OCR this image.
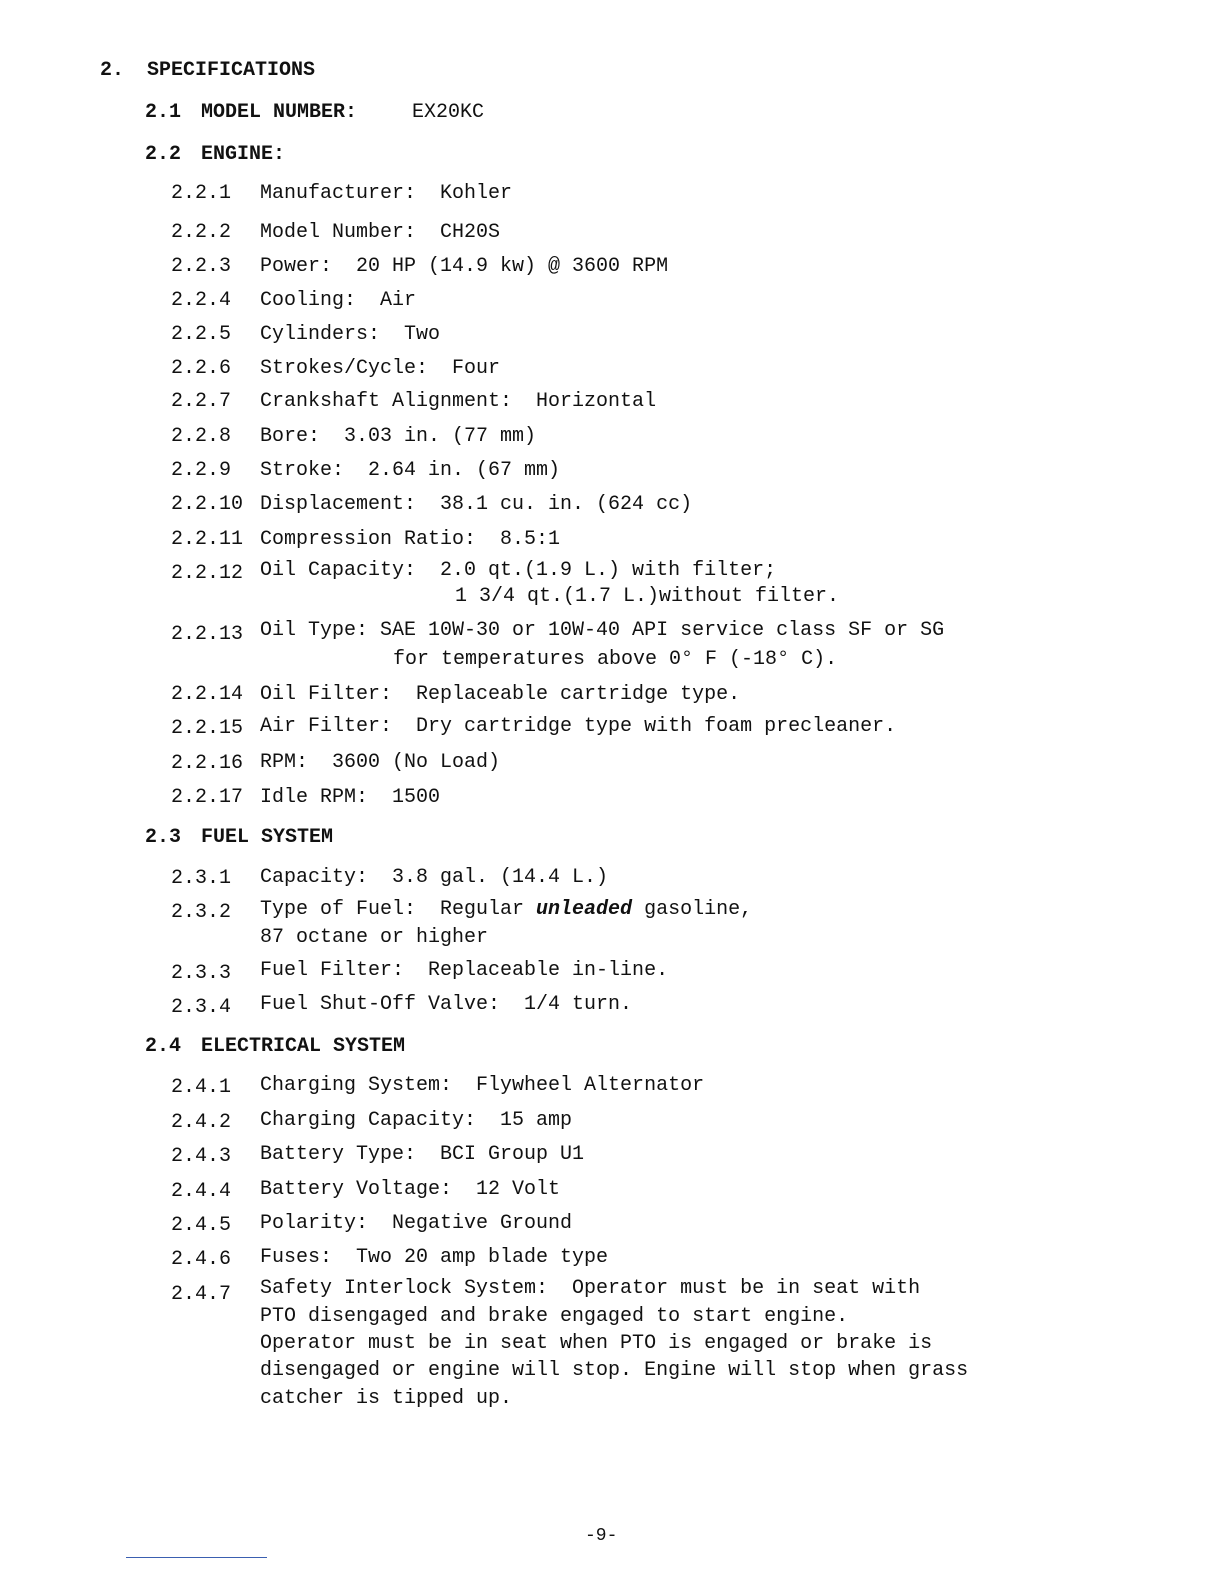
2. SPECIFICATIONS
2.1 MODEL NUMBER:	EX20KC
2.2 ENGINE:
2.2.1 Manufacturer:  Kohler
2.2.2 Model Number:  CH20S
2.2.3 Power:  20 HP (14.9 kw) @ 3600 RPM
2.2.4 Cooling:  Air
2.2.5 Cylinders:  Two
2.2.6 Strokes/Cycle:  Four
2.2.7 Crankshaft Alignment:  Horizontal
2.2.8 Bore:  3.03 in. (77 mm)
2.2.9 Stroke:  2.64 in. (67 mm)
2.2.10 Displacement:  38.1 cu. in. (624 cc)
2.2.11 Compression Ratio:  8.5:1
2.2.12 Oil Capacity:  2.0 qt.(1.9 L.) with filter;
1 3/4 qt.(1.7 L.)without filter.
2.2.13 Oil Type: SAE 10W-30 or 10W-40 API service class SF or SG
for temperatures above 0° F (-18° C).
2.2.14 Oil Filter:  Replaceable cartridge type.
2.2.15 Air Filter:  Dry cartridge type with foam precleaner.
2.2.16 RPM:  3600 (No Load)
2.2.17 Idle RPM:  1500
2.3 FUEL SYSTEM
2.3.1 Capacity:  3.8 gal. (14.4 L.)
2.3.2 Type of Fuel:  Regular unleaded gasoline,
87 octane or higher
2.3.3 Fuel Filter:  Replaceable in-line.
2.3.4 Fuel Shut-Off Valve:  1/4 turn.
2.4 ELECTRICAL SYSTEM
2.4.1 Charging System:  Flywheel Alternator
2.4.2 Charging Capacity:  15 amp
2.4.3 Battery Type:  BCI Group U1
2.4.4 Battery Voltage:  12 Volt
2.4.5 Polarity:  Negative Ground
2.4.6 Fuses:  Two 20 amp blade type
2.4.7 Safety Interlock System:  Operator must be in seat with
PTO disengaged and brake engaged to start engine.
Operator must be in seat when PTO is engaged or brake is
disengaged or engine will stop. Engine will stop when grass
catcher is tipped up.
-9-
